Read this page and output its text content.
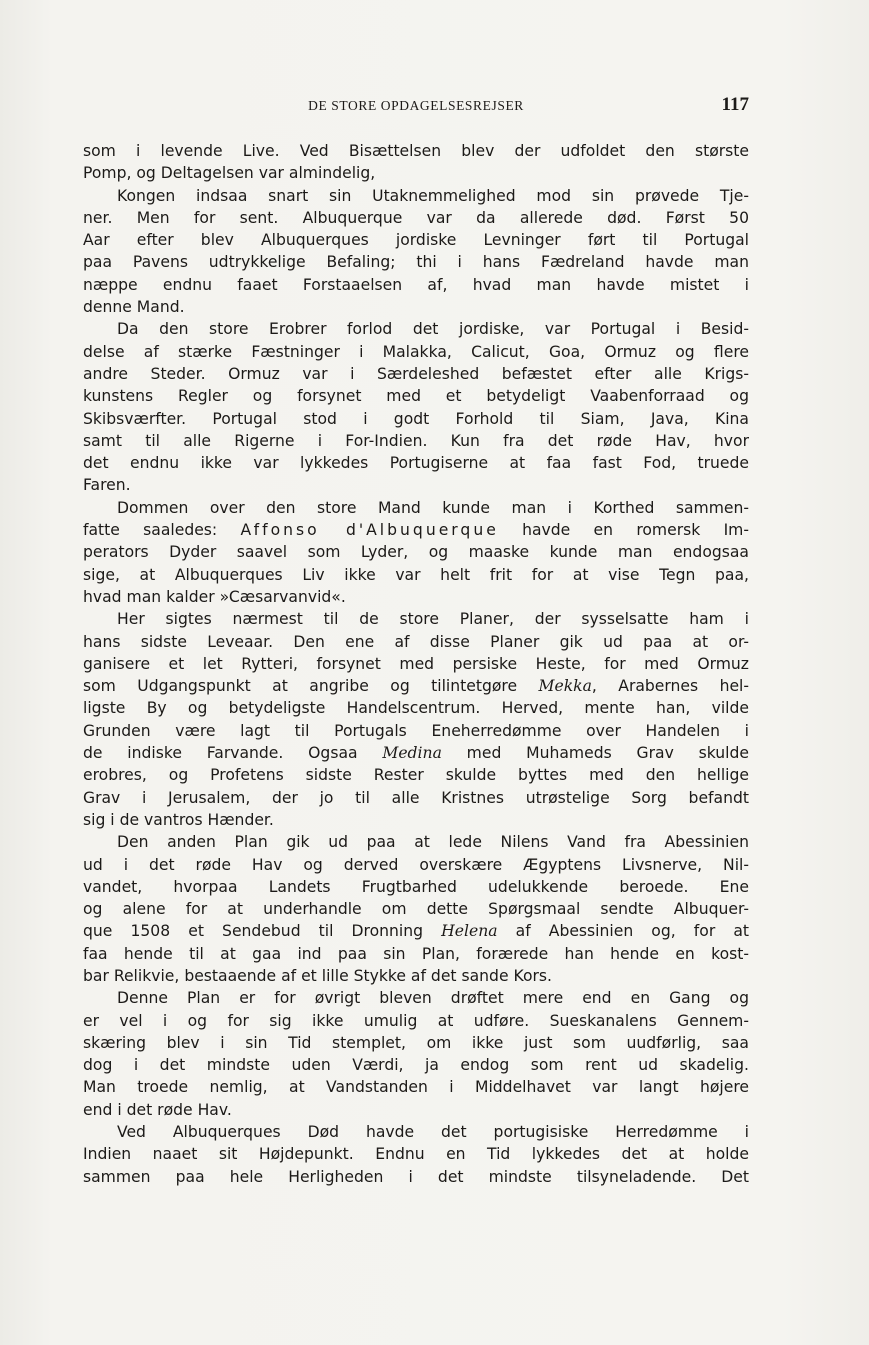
DE STORE OPDAGELSESREJSER	117
som i levende Live. Ved Bisættelsen blev der udfoldet den største
Pomp, og Deltagelsen var almindelig,
Kongen indsaa snart sin Utaknemmelighed mod sin prøvede Tje-
ner. Men for sent. Albuquerque var da allerede død. Først 50
Aar efter blev Albuquerques jordiske Levninger ført til Portugal
paa Pavens udtrykkelige Befaling; thi i hans Fædreland havde man
næppe endnu faaet Forstaaelsen af, hvad man havde mistet i
denne Mand.
Da den store Erobrer forlod det jordiske, var Portugal i Besid-
delse af stærke Fæstninger i Malakka, Calicut, Goa, Ormuz og flere
andre Steder. Ormuz var i Særdeleshed befæstet efter alle Krigs-
kunstens Regler og forsynet med et betydeligt Vaabenforraad og
Skibsværfter. Portugal stod i godt Forhold til Siam, Java, Kina
samt til alle Rigerne i For-Indien. Kun fra det røde Hav, hvor
det endnu ikke var lykkedes Portugiserne at faa fast Fod, truede
Faren.
Dommen over den store Mand kunde man i Korthed sammen-
fatte saaledes: Affonso d'Albuquerque havde en romersk Im-
perators Dyder saavel som Lyder, og maaske kunde man endogsaa
sige, at Albuquerques Liv ikke var helt frit for at vise Tegn paa,
hvad man kalder »Cæsarvanvid«.
Her sigtes nærmest til de store Planer, der sysselsatte ham i
hans sidste Leveaar. Den ene af disse Planer gik ud paa at or-
ganisere et let Rytteri, forsynet med persiske Heste, for med Ormuz
som Udgangspunkt at angribe og tilintetgøre Mekka, Arabernes hel-
ligste By og betydeligste Handelscentrum. Herved, mente han, vilde
Grunden være lagt til Portugals Eneherredømme over Handelen i
de indiske Farvande. Ogsaa Medina med Muhameds Grav skulde
erobres, og Profetens sidste Rester skulde byttes med den hellige
Grav i Jerusalem, der jo til alle Kristnes utrøstelige Sorg befandt
sig i de vantros Hænder.
Den anden Plan gik ud paa at lede Nilens Vand fra Abessinien
ud i det røde Hav og derved overskære Ægyptens Livsnerve, Nil-
vandet, hvorpaa Landets Frugtbarhed udelukkende beroede. Ene
og alene for at underhandle om dette Spørgsmaal sendte Albuquer-
que 1508 et Sendebud til Dronning Helena af Abessinien og, for at
faa hende til at gaa ind paa sin Plan, forærede han hende en kost-
bar Relikvie, bestaaende af et lille Stykke af det sande Kors.
Denne Plan er for øvrigt bleven drøftet mere end en Gang og
er vel i og for sig ikke umulig at udføre. Sueskanalens Gennem-
skæring blev i sin Tid stemplet, om ikke just som uudførlig, saa
dog i det mindste uden Værdi, ja endog som rent ud skadelig.
Man troede nemlig, at Vandstanden i Middelhavet var langt højere
end i det røde Hav.
Ved Albuquerques Død havde det portugisiske Herredømme i
Indien naaet sit Højdepunkt. Endnu en Tid lykkedes det at holde
sammen paa hele Herligheden i det mindste tilsyneladende. Det
